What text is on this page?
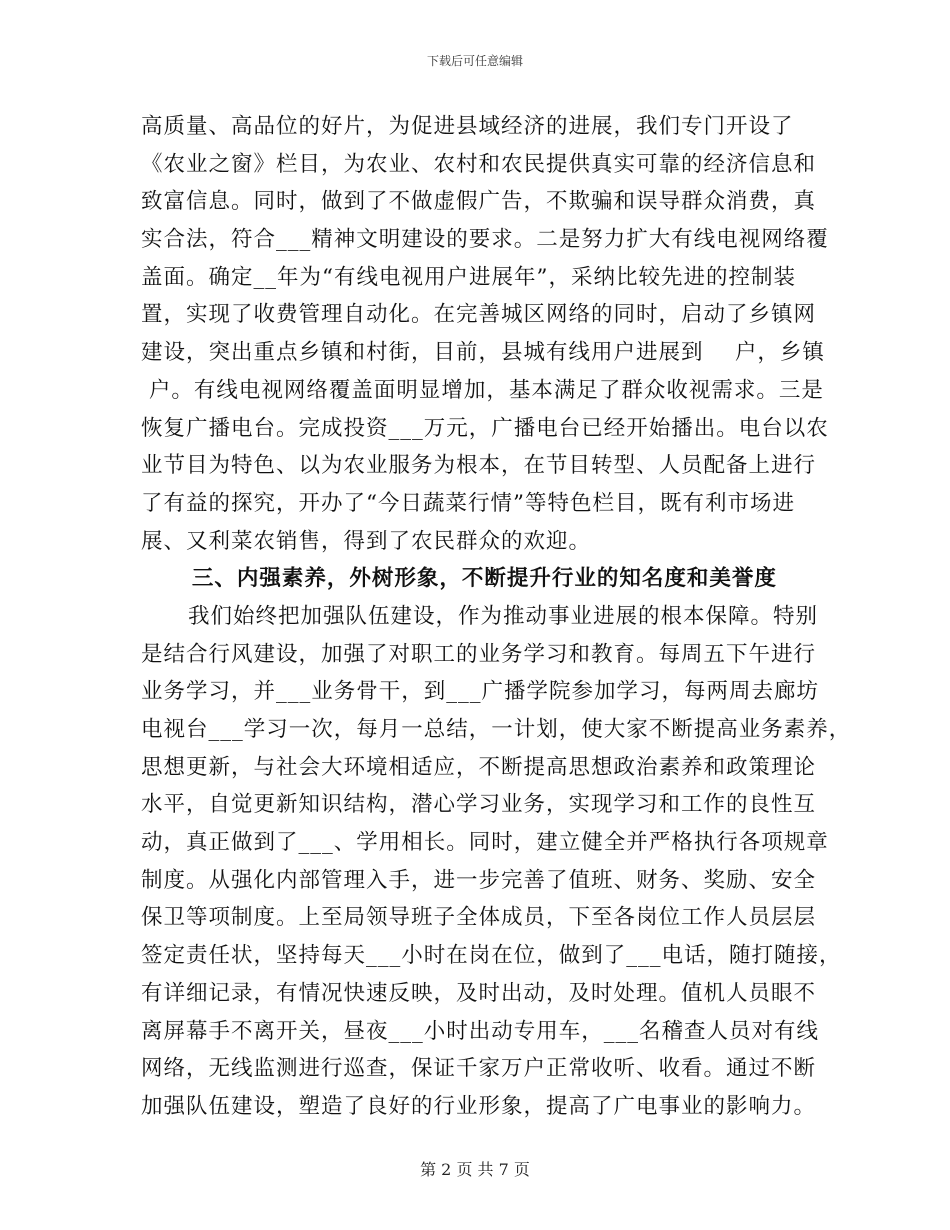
下载后可任意编辑
高质量、高品位的好片，为促进县域经济的进展，我们专门开设了
《农业之窗》栏目，为农业、农村和农民提供真实可靠的经济信息和
致富信息。同时，做到了不做虚假广告，不欺骗和误导群众消费，真
实合法，符合___精神文明建设的要求。二是努力扩大有线电视网络覆
盖面。确定__年为“有线电视用户进展年”，采纳比较先进的控制装
置，实现了收费管理自动化。在完善城区网络的同时，启动了乡镇网
建设，突出重点乡镇和村街，目前，县城有线用户进展到    户，乡镇
户。有线电视网络覆盖面明显增加，基本满足了群众收视需求。三是
恢复广播电台。完成投资___万元，广播电台已经开始播出。电台以农
业节目为特色、以为农业服务为根本，在节目转型、人员配备上进行
了有益的探究，开办了“今日蔬菜行情”等特色栏目，既有利市场进
展、又利菜农销售，得到了农民群众的欢迎。
三、内强素养，外树形象，不断提升行业的知名度和美誉度
我们始终把加强队伍建设，作为推动事业进展的根本保障。特别
是结合行风建设，加强了对职工的业务学习和教育。每周五下午进行
业务学习，并___业务骨干，到___广播学院参加学习，每两周去廊坊
电视台___学习一次，每月一总结，一计划，使大家不断提高业务素养，
思想更新，与社会大环境相适应，不断提高思想政治素养和政策理论
水平，自觉更新知识结构，潜心学习业务，实现学习和工作的良性互
动，真正做到了___、学用相长。同时，建立健全并严格执行各项规章
制度。从强化内部管理入手，进一步完善了值班、财务、奖励、安全
保卫等项制度。上至局领导班子全体成员，下至各岗位工作人员层层
签定责任状，坚持每天___小时在岗在位，做到了___电话，随打随接，
有详细记录，有情况快速反映，及时出动，及时处理。值机人员眼不
离屏幕手不离开关，昼夜___小时出动专用车，___名稽查人员对有线
网络，无线监测进行巡查，保证千家万户正常收听、收看。通过不断
加强队伍建设，塑造了良好的行业形象，提高了广电事业的影响力。
第 2 页 共 7 页
